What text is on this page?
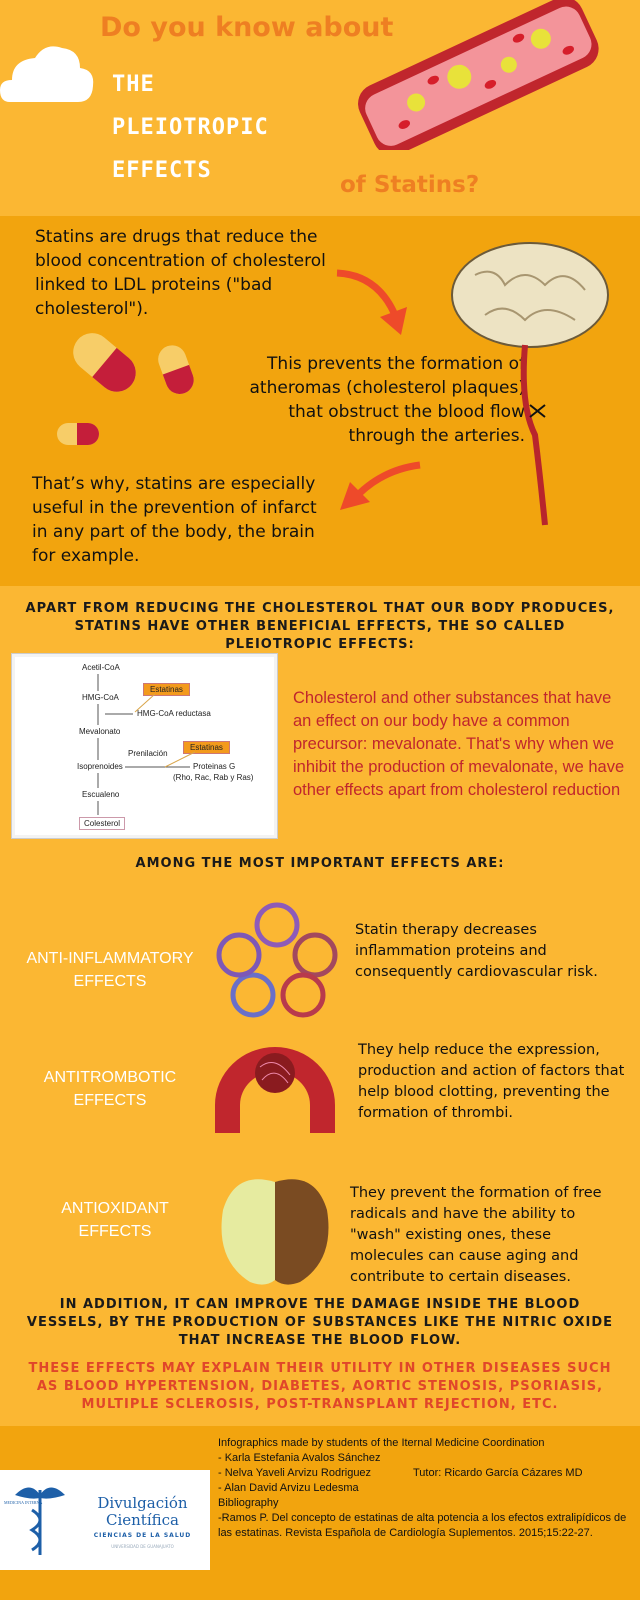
Do you know about
THE
PLEIOTROPIC
EFFECTS
of Statins?
Statins are drugs that reduce the blood concentration of cholesterol linked to LDL proteins ("bad cholesterol").
This prevents the formation of atheromas (cholesterol plaques) that obstruct the blood flow through the arteries.
That’s why, statins are especially useful in the prevention of infarct in any part of the body, the brain for example.
APART FROM REDUCING THE CHOLESTEROL THAT OUR BODY PRODUCES, STATINS HAVE OTHER BENEFICIAL EFFECTS, THE SO CALLED PLEIOTROPIC EFFECTS:
Acetil-CoA
HMG-CoA
Estatinas
HMG-CoA reductasa
Mevalonato
Prenilación
Estatinas
Isoprenoides	Proteinas G
(Rho, Rac, Rab y Ras)
Escualeno
Colesterol
Cholesterol and other substances that have an effect on our body have a common precursor: mevalonate. That's why when we inhibit the production of mevalonate, we have other effects apart from cholesterol reduction
AMONG THE MOST IMPORTANT EFFECTS ARE:
ANTI-INFLAMMATORY EFFECTS
Statin therapy decreases inflammation proteins and consequently cardiovascular risk.
ANTITROMBOTIC EFFECTS
They help reduce the expression, production and action of factors that help blood clotting, preventing the formation of thrombi.
ANTIOXIDANT EFFECTS
They prevent the formation of free radicals and have the ability to "wash" existing ones, these molecules can cause aging and contribute to certain diseases.
IN ADDITION, IT CAN IMPROVE THE DAMAGE INSIDE THE BLOOD VESSELS, BY THE PRODUCTION OF SUBSTANCES LIKE THE NITRIC OXIDE THAT INCREASE THE BLOOD FLOW.
THESE EFFECTS MAY EXPLAIN THEIR UTILITY IN OTHER DISEASES SUCH AS BLOOD HYPERTENSION, DIABETES, AORTIC STENOSIS, PSORIASIS, MULTIPLE SCLEROSIS, POST-TRANSPLANT REJECTION, ETC.
MEDICINA INTERNA	Divulgación Científica
CIENCIAS DE LA SALUD
UNIVERSIDAD DE GUANAJUATO
Infographics made by students of the Iternal Medicine Coordination
- Karla Estefania Avalos Sánchez
- Nelva Yaveli Arvizu Rodriguez	Tutor: Ricardo García Cázares MD
- Alan David Arvizu Ledesma
Bibliography
-Ramos P. Del concepto de estatinas de alta potencia a los efectos extralipídicos de las estatinas. Revista Española de Cardiología Suplementos. 2015;15:22-27.
